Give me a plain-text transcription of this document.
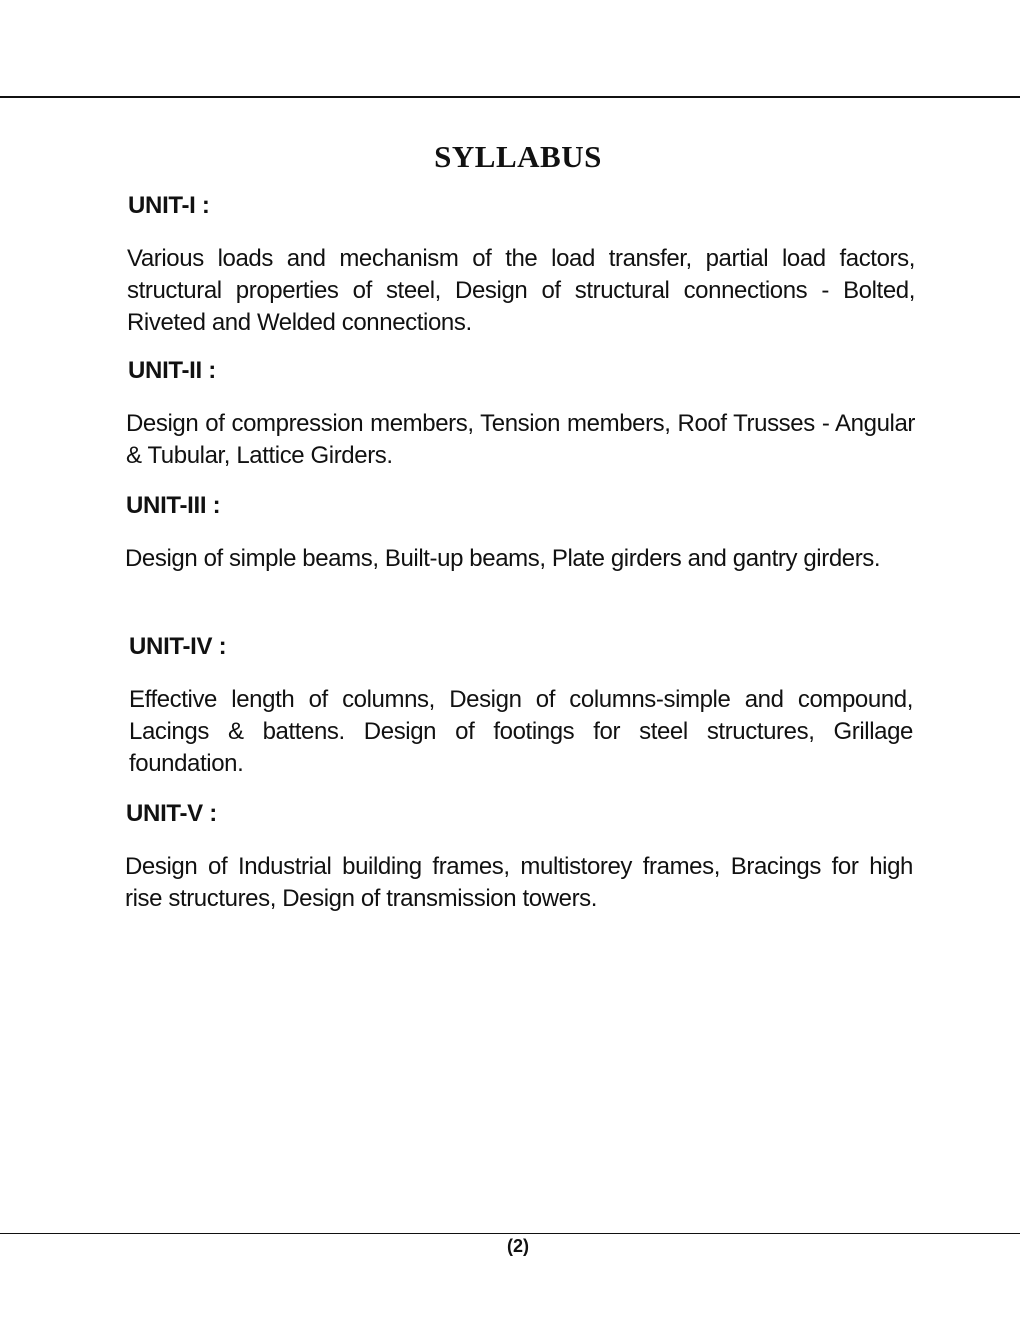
SYLLABUS
UNIT-I :

Various loads and mechanism of the load transfer, partial load factors, structural properties of steel, Design of structural connections - Bolted, Riveted and Welded connections.

UNIT-II :

Design of compression members, Tension members, Roof Trusses - Angular & Tubular, Lattice Girders.

UNIT-III :

Design of simple beams, Built-up beams, Plate girders and gantry girders.

UNIT-IV :

Effective length of columns, Design of columns-simple and compound, Lacings & battens. Design of footings for steel structures, Grillage foundation.

UNIT-V :

Design of Industrial building frames, multistorey frames, Bracings for high rise structures, Design of transmission towers.

(2)
